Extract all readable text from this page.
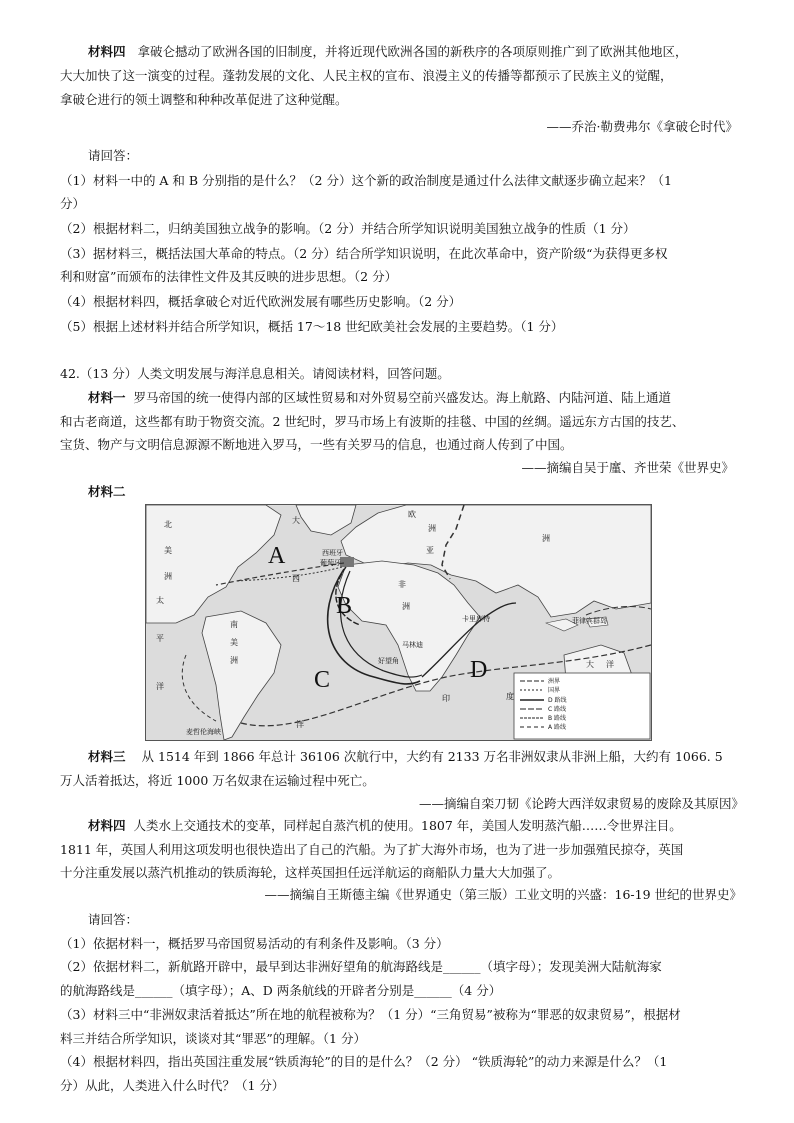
材料四 拿破仑撼动了欧洲各国的旧制度，并将近现代欧洲各国的新秩序的各项原则推广到了欧洲其他地区，
大大加快了这一演变的过程。蓬勃发展的文化、人民主权的宣布、浪漫主义的传播等都预示了民族主义的觉醒，
拿破仑进行的领土调整和种种改革促进了这种觉醒。
——乔治·勒费弗尔《拿破仑时代》
请回答：
（1）材料一中的 A 和 B 分别指的是什么？（2 分）这个新的政治制度是通过什么法律文献逐步确立起来？（1
分）
（2）根据材料二，归纳美国独立战争的影响。（2 分）并结合所学知识说明美国独立战争的性质（1 分）
（3）据材料三，概括法国大革命的特点。（2 分）结合所学知识说明，在此次革命中，资产阶级“为获得更多权
利和财富”而颁布的法律性文件及其反映的进步思想。（2 分）
（4）根据材料四，概括拿破仑对近代欧洲发展有哪些历史影响。（2 分）
（5）根据上述材料并结合所学知识，概括 17～18 世纪欧美社会发展的主要趋势。（1 分）
42.（13 分）人类文明发展与海洋息息相关。请阅读材料，回答问题。
材料一 罗马帝国的统一使得内部的区域性贸易和对外贸易空前兴盛发达。海上航路、内陆河道、陆上通道
和古老商道，这些都有助于物资交流。2 世纪时，罗马市场上有波斯的挂毯、中国的丝绸。遥远东方古国的技艺、
宝货、物产与文明信息源源不断地进入罗马，一些有关罗马的信息，也通过商人传到了中国。
——摘编自吴于廑、齐世荣《世界史》
材料二
A
B
C	D
西班牙
葡萄牙
卡里库特
马林迪
好望角
菲律宾群岛
麦哲伦海峡
北
美
洲
南
美
洲
欧
洲
非
洲
亚
洲
大
西
洋
太
平
洋
印	度
大 洋
洲界
国界
D 路线
C 路线
B 路线
A 路线
材料三 从 1514 年到 1866 年总计 36106 次航行中，大约有 2133 万名非洲奴隶从非洲上船，大约有 1066. 5
万人活着抵达，将近 1000 万名奴隶在运输过程中死亡。
——摘编自栾刀韧《论跨大西洋奴隶贸易的废除及其原因》
材料四 人类水上交通技术的变革，同样起自蒸汽机的使用。1807 年，美国人发明蒸汽船……令世界注目。
1811 年，英国人利用这项发明也很快造出了自己的汽船。为了扩大海外市场，也为了进一步加强殖民掠夺，英国
十分注重发展以蒸汽机推动的铁质海轮，这样英国担任远洋航运的商船队力量大大加强了。
——摘编自王斯德主编《世界通史（第三版）工业文明的兴盛：16-19 世纪的世界史》
请回答：
（1）依据材料一，概括罗马帝国贸易活动的有利条件及影响。（3 分）
（2）依据材料二，新航路开辟中，最早到达非洲好望角的航海路线是______（填字母）；发现美洲大陆航海家
的航海路线是______（填字母）；A、D 两条航线的开辟者分别是______（4 分）
（3）材料三中“非洲奴隶活着抵达”所在地的航程被称为？（1 分）“三角贸易”被称为“罪恶的奴隶贸易”，根据材
料三并结合所学知识，谈谈对其“罪恶”的理解。（1 分）
（4）根据材料四，指出英国注重发展“铁质海轮”的目的是什么？（2 分） “铁质海轮”的动力来源是什么？（1
分）从此，人类进入什么时代？（1 分）
